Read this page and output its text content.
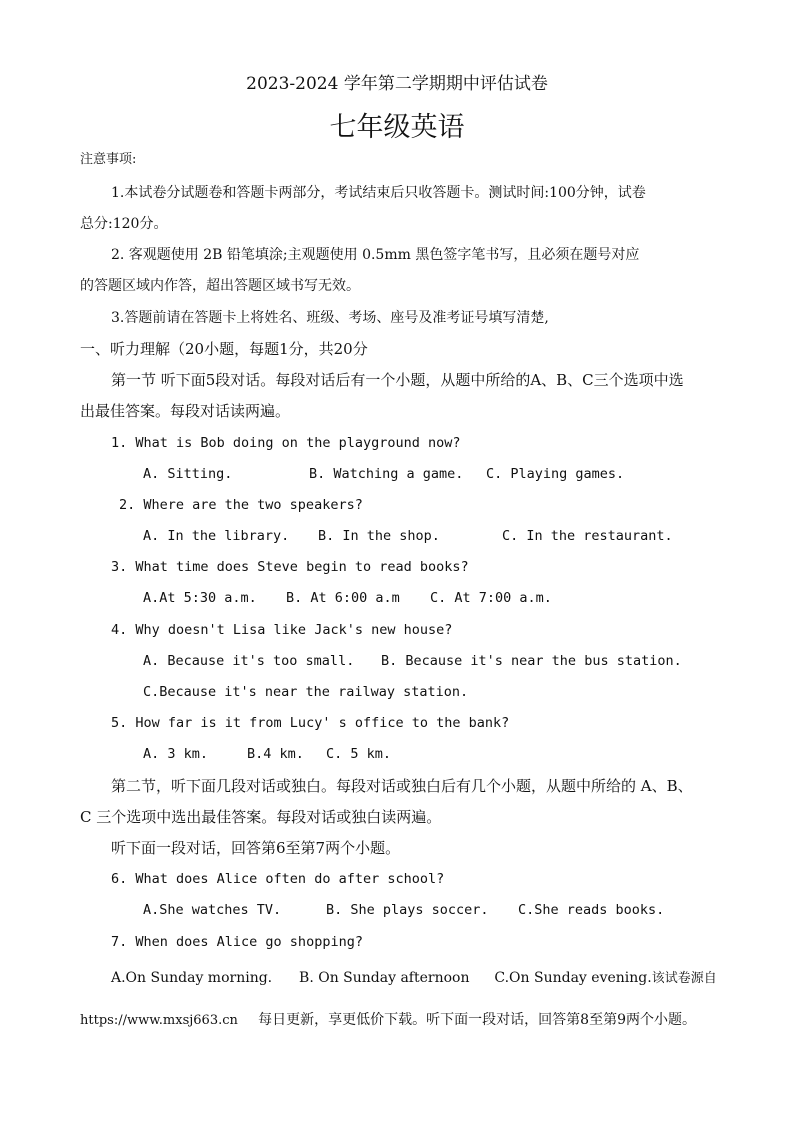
2023-2024 学年第二学期期中评估试卷
七年级英语
注意事项:
1.本试卷分试题卷和答题卡两部分，考试结束后只收答题卡。测试时间:100分钟，试卷
总分:120分。
2. 客观题使用 2B 铅笔填涂;主观题使用 0.5mm 黑色签字笔书写，且必须在题号对应
的答题区域内作答，超出答题区域书写无效。
3.答题前请在答题卡上将姓名、班级、考场、座号及准考证号填写清楚,
一、听力理解（20小题，每题1分，共20分
第一节 听下面5段对话。每段对话后有一个小题，从题中所给的A、B、C三个选项中选
出最佳答案。每段对话读两遍。
1. What is Bob doing on the playground now?
A. Sitting.	B. Watching a game. C. Playing games.
2. Where are the two speakers?
A. In the library. B. In the shop.	C. In the restaurant.
3. What time does Steve begin to read books?
A.At 5:30 a.m. B. At 6:00 a.m C. At 7:00 a.m.
4. Why doesn't Lisa like Jack's new house?
A. Because it's too small. B. Because it's near the bus station.
C.Because it's near the railway station.
5. How far is it from Lucy' s office to the bank?
A. 3 km.	B.4 km. C. 5 km.
第二节，听下面几段对话或独白。每段对话或独白后有几个小题，从题中所给的 A、B、
C 三个选项中选出最佳答案。每段对话或独白读两遍。
听下面一段对话，回答第6至第7两个小题。
6. What does Alice often do after school?
A.She watches TV.	B. She plays soccer. C.She reads books.
7. When does Alice go shopping?
A.On Sunday morning. B. On Sunday afternoon C.On Sunday evening.该试卷源自
https://www.mxsj663.cn 每日更新，享更低价下载。听下面一段对话，回答第8至第9两个小题。
